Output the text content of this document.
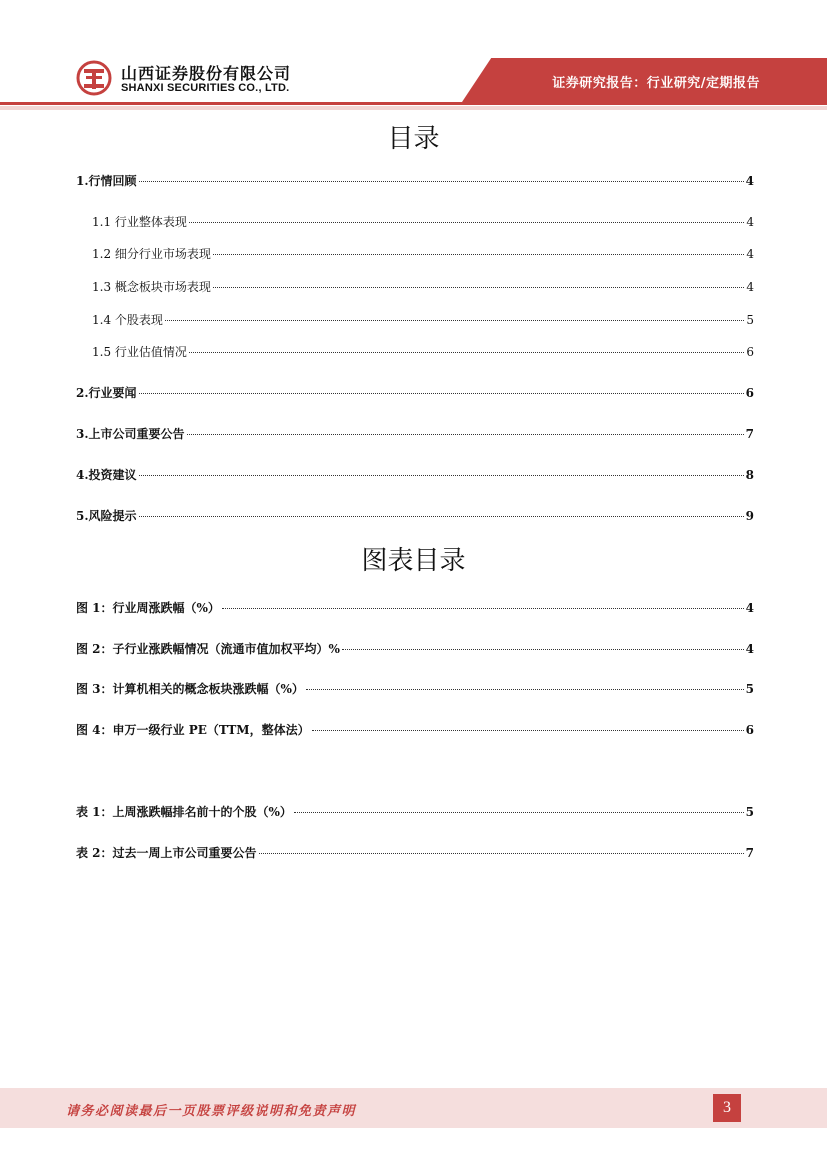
山西证券股份有限公司
SHANXI SECURITIES CO., LTD.	证券研究报告：行业研究/定期报告
目录
1.行情回顾	4
1.1 行业整体表现	4
1.2 细分行业市场表现	4
1.3 概念板块市场表现	4
1.4 个股表现	5
1.5 行业估值情况	6
2.行业要闻	6
3.上市公司重要公告	7
4.投资建议	8
5.风险提示	9
图表目录
图 1：行业周涨跌幅（%）	4
图 2：子行业涨跌幅情况（流通市值加权平均）%	4
图 3：计算机相关的概念板块涨跌幅（%）	5
图 4：申万一级行业 PE（TTM，整体法）	6
表 1：上周涨跌幅排名前十的个股（%）	5
表 2：过去一周上市公司重要公告	7
请务必阅读最后一页股票评级说明和免责声明	3
